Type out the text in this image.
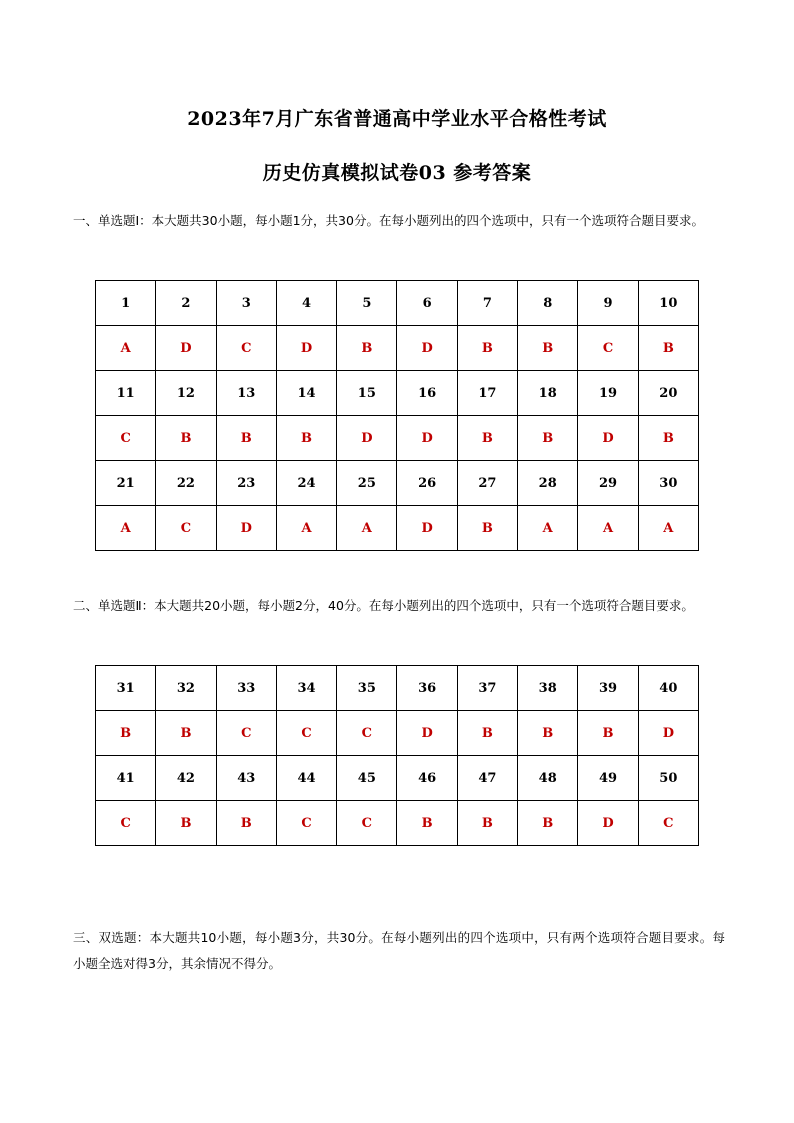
2023年7月广东省普通高中学业水平合格性考试
历史仿真模拟试卷03 参考答案
一、单选题Ⅰ：本大题共30小题，每小题1分，共30分。在每小题列出的四个选项中，只有一个选项符合题目要求。
1	2	3	4	5	6	7	8	9	10
A	D	C	D	B	D	B	B	C	B
11	12	13	14	15	16	17	18	19	20
C	B	B	B	D	D	B	B	D	B
21	22	23	24	25	26	27	28	29	30
A	C	D	A	A	D	B	A	A	A
二、单选题Ⅱ：本大题共20小题，每小题2分，40分。在每小题列出的四个选项中，只有一个选项符合题目要求。
31	32	33	34	35	36	37	38	39	40
B	B	C	C	C	D	B	B	B	D
41	42	43	44	45	46	47	48	49	50
C	B	B	C	C	B	B	B	D	C
三、双选题：本大题共10小题，每小题3分，共30分。在每小题列出的四个选项中，只有两个选项符合题目要求。每小题全选对得3分，其余情况不得分。
